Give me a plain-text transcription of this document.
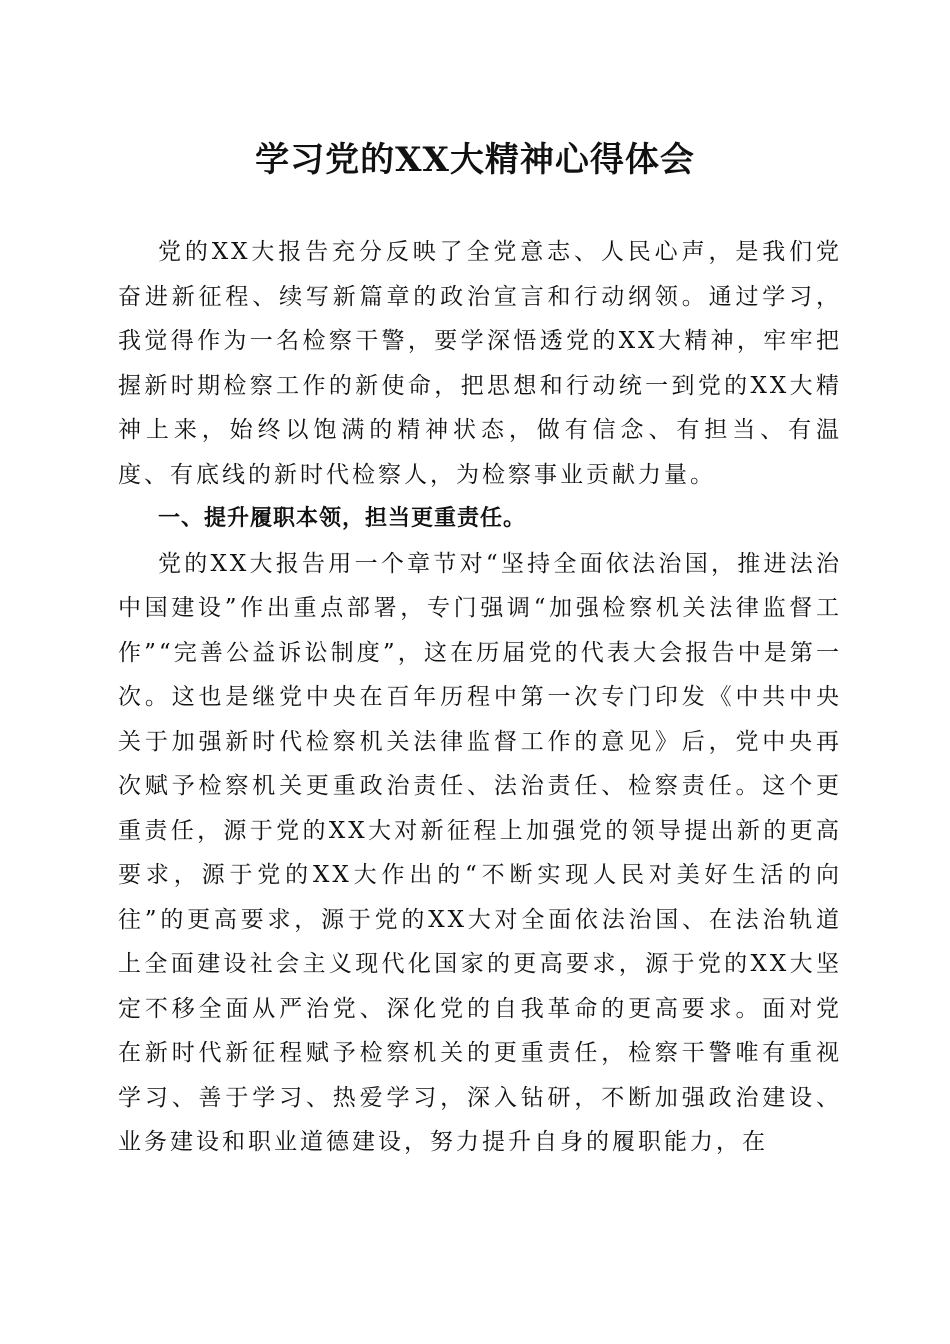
学习党的XX大精神心得体会

党的XX大报告充分反映了全党意志、人民心声，是我们党奋进新征程、续写新篇章的政治宣言和行动纲领。通过学习，我觉得作为一名检察干警，要学深悟透党的XX大精神，牢牢把握新时期检察工作的新使命，把思想和行动统一到党的XX大精神上来，始终以饱满的精神状态，做有信念、有担当、有温度、有底线的新时代检察人，为检察事业贡献力量。

一、提升履职本领，担当更重责任。

党的XX大报告用一个章节对“坚持全面依法治国，推进法治中国建设”作出重点部署，专门强调“加强检察机关法律监督工作”“完善公益诉讼制度”，这在历届党的代表大会报告中是第一次。这也是继党中央在百年历程中第一次专门印发《中共中央关于加强新时代检察机关法律监督工作的意见》后，党中央再次赋予检察机关更重政治责任、法治责任、检察责任。这个更重责任，源于党的XX大对新征程上加强党的领导提出新的更高要求，源于党的XX大作出的“不断实现人民对美好生活的向往”的更高要求，源于党的XX大对全面依法治国、在法治轨道上全面建设社会主义现代化国家的更高要求，源于党的XX大坚定不移全面从严治党、深化党的自我革命的更高要求。面对党在新时代新征程赋予检察机关的更重责任，检察干警唯有重视学习、善于学习、热爱学习，深入钻研，不断加强政治建设、业务建设和职业道德建设，努力提升自身的履职能力，在
